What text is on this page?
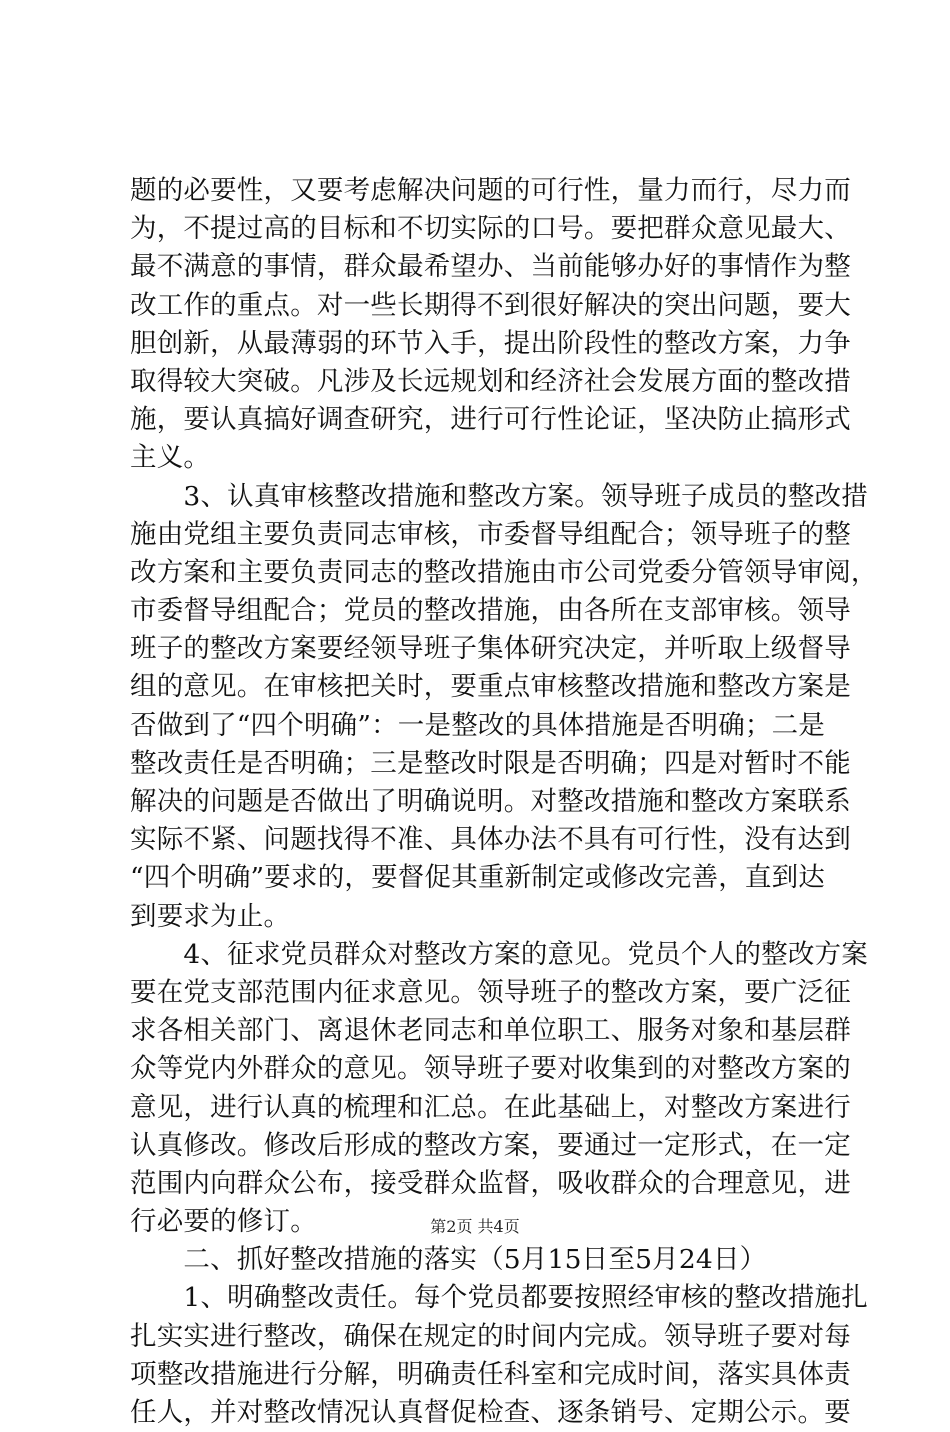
题的必要性，又要考虑解决问题的可行性，量力而行，尽力而
为，不提过高的目标和不切实际的口号。要把群众意见最大、
最不满意的事情，群众最希望办、当前能够办好的事情作为整
改工作的重点。对一些长期得不到很好解决的突出问题，要大
胆创新，从最薄弱的环节入手，提出阶段性的整改方案，力争
取得较大突破。凡涉及长远规划和经济社会发展方面的整改措
施，要认真搞好调查研究，进行可行性论证，坚决防止搞形式
主义。
　　3、认真审核整改措施和整改方案。领导班子成员的整改措
施由党组主要负责同志审核，市委督导组配合；领导班子的整
改方案和主要负责同志的整改措施由市公司党委分管领导审阅，
市委督导组配合；党员的整改措施，由各所在支部审核。领导
班子的整改方案要经领导班子集体研究决定，并听取上级督导
组的意见。在审核把关时，要重点审核整改措施和整改方案是
否做到了“四个明确”：一是整改的具体措施是否明确；二是
整改责任是否明确；三是整改时限是否明确；四是对暂时不能
解决的问题是否做出了明确说明。对整改措施和整改方案联系
实际不紧、问题找得不准、具体办法不具有可行性，没有达到
“四个明确”要求的，要督促其重新制定或修改完善，直到达
到要求为止。
　　4、征求党员群众对整改方案的意见。党员个人的整改方案
要在党支部范围内征求意见。领导班子的整改方案，要广泛征
求各相关部门、离退休老同志和单位职工、服务对象和基层群
众等党内外群众的意见。领导班子要对收集到的对整改方案的
意见，进行认真的梳理和汇总。在此基础上，对整改方案进行
认真修改。修改后形成的整改方案，要通过一定形式，在一定
范围内向群众公布，接受群众监督，吸收群众的合理意见，进
行必要的修订。
　　二、抓好整改措施的落实（5月15日至5月24日）
　　1、明确整改责任。每个党员都要按照经审核的整改措施扎
扎实实进行整改，确保在规定的时间内完成。领导班子要对每
项整改措施进行分解，明确责任科室和完成时间，落实具体责
任人，并对整改情况认真督促检查、逐条销号、定期公示。要
第2页 共4页
